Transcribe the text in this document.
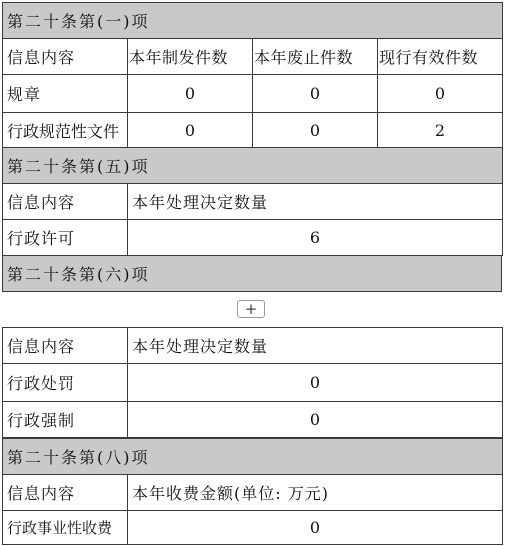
第二十条第(一)项			
信息内容	本年制发件数	本年废止件数	现行有效件数
规章	0	0	0
行政规范性文件	0	0	2
第二十条第(五)项	
信息内容	本年处理决定数量
行政许可	6
第二十条第(六)项
+
信息内容	本年处理决定数量
行政处罚	0
行政强制	0
第二十条第(八)项	
信息内容	本年收费金额(单位: 万元)
行政事业性收费	0
